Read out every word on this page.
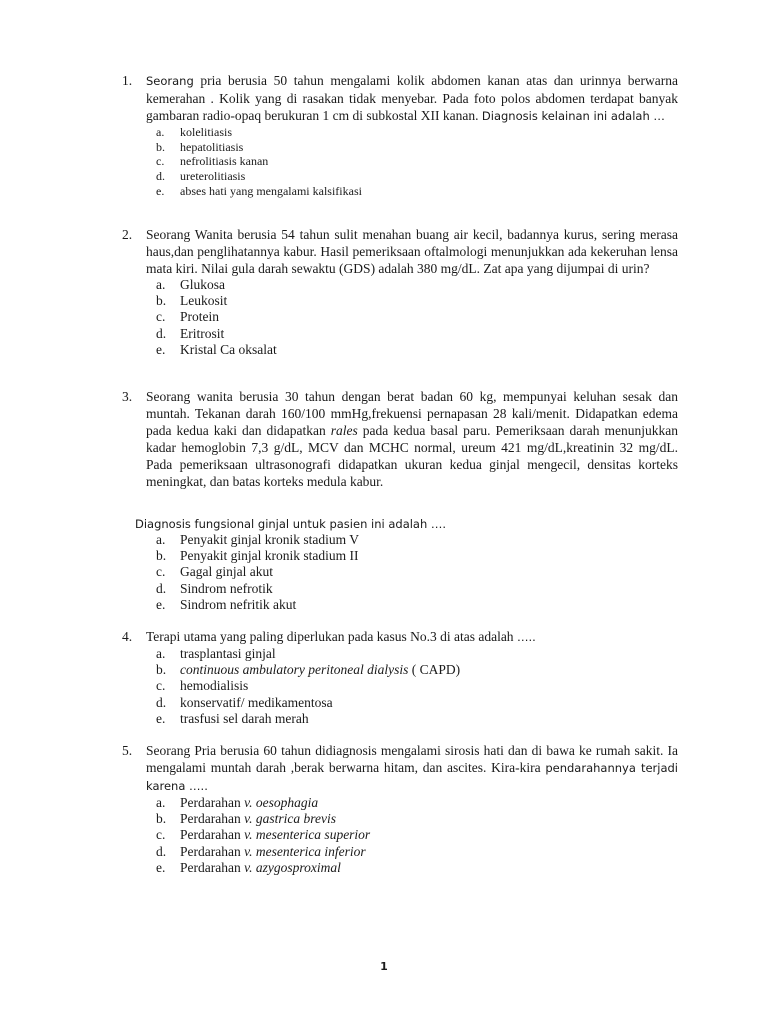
1. Seorang pria berusia 50 tahun mengalami kolik abdomen kanan atas dan urinnya berwarna kemerahan . Kolik yang di rasakan tidak menyebar. Pada foto polos abdomen terdapat banyak gambaran radio-opaq berukuran 1 cm di subkostal XII kanan. Diagnosis kelainan ini adalah …
a. kolelitiasis
b. hepatolitiasis
c. nefrolitiasis kanan
d. ureterolitiasis
e. abses hati yang mengalami kalsifikasi
2. Seorang Wanita berusia 54 tahun sulit menahan buang air kecil, badannya kurus, sering merasa haus,dan penglihatannya kabur. Hasil pemeriksaan oftalmologi menunjukkan ada kekeruhan lensa mata kiri. Nilai gula darah sewaktu (GDS) adalah 380 mg/dL. Zat apa yang dijumpai di urin?
a. Glukosa
b. Leukosit
c. Protein
d. Eritrosit
e. Kristal Ca oksalat
3. Seorang wanita berusia 30 tahun dengan berat badan 60 kg, mempunyai keluhan sesak dan muntah. Tekanan darah 160/100 mmHg,frekuensi pernapasan 28 kali/menit. Didapatkan edema pada kedua kaki dan didapatkan rales pada kedua basal paru. Pemeriksaan darah menunjukkan kadar hemoglobin 7,3 g/dL, MCV dan MCHC normal, ureum 421 mg/dL,kreatinin 32 mg/dL. Pada pemeriksaan ultrasonografi didapatkan ukuran kedua ginjal mengecil, densitas korteks meningkat, dan batas korteks medula kabur.
Diagnosis fungsional ginjal untuk pasien ini adalah ….
a. Penyakit ginjal kronik stadium V
b. Penyakit ginjal kronik stadium II
c. Gagal ginjal akut
d. Sindrom nefrotik
e. Sindrom nefritik akut
4. Terapi utama yang paling diperlukan pada kasus No.3 di atas adalah …..
a. trasplantasi ginjal
b. continuous ambulatory peritoneal dialysis ( CAPD)
c. hemodialisis
d. konservatif/ medikamentosa
e. trasfusi sel darah merah
5. Seorang Pria berusia 60 tahun didiagnosis mengalami sirosis hati dan di bawa ke rumah sakit. Ia mengalami muntah darah ,berak berwarna hitam, dan ascites. Kira-kira pendarahannya terjadi karena …..
a. Perdarahan v. oesophagia
b. Perdarahan v. gastrica brevis
c. Perdarahan v. mesenterica superior
d. Perdarahan v. mesenterica inferior
e. Perdarahan v. azygosproximal
1
